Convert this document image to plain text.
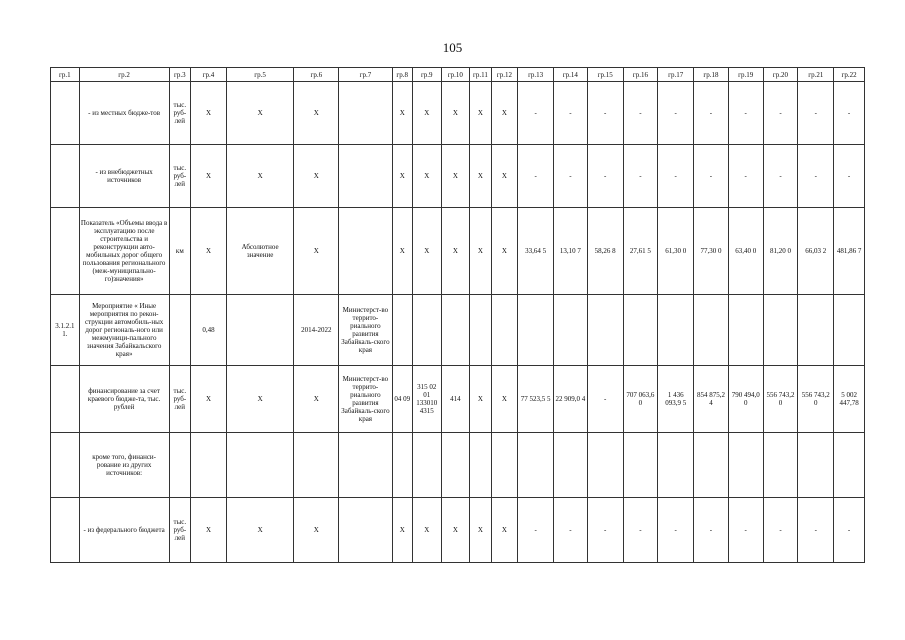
105
гр.1	гр.2	гр.3	гр.4	гр.5	гр.6	гр.7	гр.8	гр.9	гр.10	гр.11	гр.12	гр.13	гр.14	гр.15	гр.16	гр.17	гр.18	гр.19	гр.20	гр.21	гр.22
	- из местных бюдже-тов	тыс. руб-лей	X	X	X		X	X	X	X	X	-	-	-	-	-	-	-	-	-	-
	- из внебюджетных источников	тыс. руб-лей	X	X	X		X	X	X	X	X	-	-	-	-	-	-	-	-	-	-
	Показатель «Объемы ввода в эксплуатацию после строительства и реконструкции авто-мобильных дорог общего пользования регионального (меж-муниципально-го)значения»	км	X	Абсолютное значение	X		X	X	X	X	X	33,64 5	13,10 7	58,26 8	27,61 5	61,30 0	77,30 0	63,40 0	81,20 0	66,03 2	481,86 7
3.1.2.1 1.	Мероприятие « Иные мероприятия по рекон-струкции автомобиль-ных дорог региональ-ного или межмуници-пального значения Забайкальского края»		0,48		2014-2022	Министерст-во террито-риального развития Забайкаль-ского края															
	финансирование за счет краевого бюдже-та, тыс. рублей	тыс. руб-лей	X	X	X	Министерст-во террито-риального развития Забайкаль-ского края	04 09	315 02 01 133010 4315	414	X	X	77 523,5 5	22 909,0 4	-	707 063,6 0	1 436 093,9 5	854 875,2 4	790 494,0 0	556 743,2 0	556 743,2 0	5 002 447,78
	кроме того, финанси-рование из других источников:																				
	- из федерального бюджета	тыс. руб-лей	X	X	X		X	X	X	X	X	-	-	-	-	-	-	-	-	-	-
